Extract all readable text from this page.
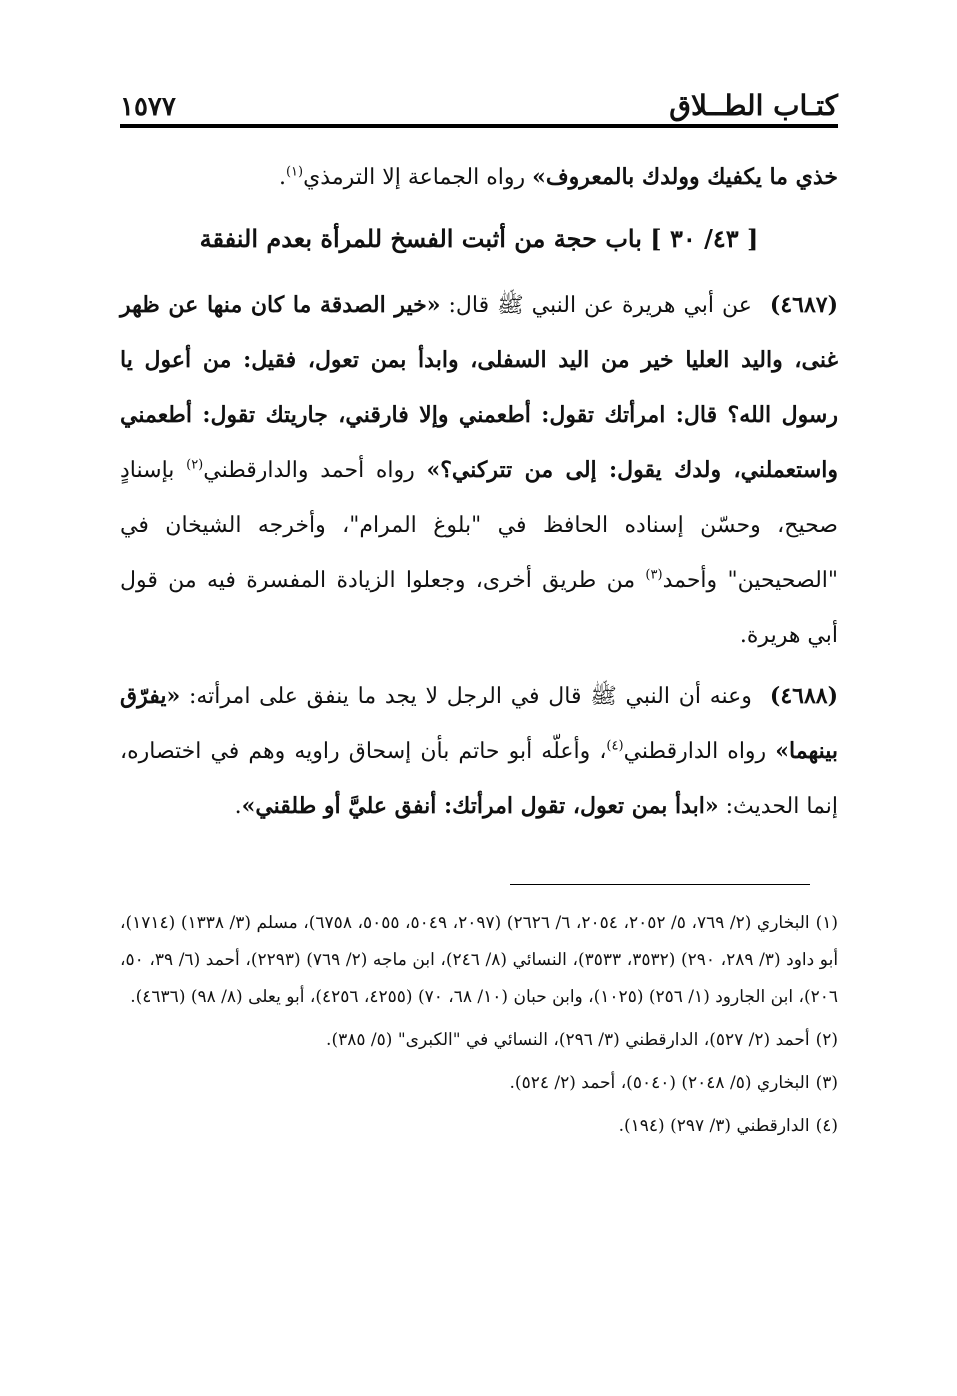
كتـاب الطــلاق
١٥٧٧

خذي ما يكفيك وولدك بالمعروف» رواه الجماعة إلا الترمذي$^{(١)}$.

[ ٤٣/ ٣٠ ] باب حجة من أثبت الفسخ للمرأة بعدم النفقة

(٤٦٨٧)عن أبي هريرة عن النبي ﷺ قال: «خير الصدقة ما كان منها عن ظهر غنى، واليد العليا خير من اليد السفلى، وابدأ بمن تعول، فقيل: من أعول يا رسول الله؟ قال: امرأتك تقول: أطعمني وإلا فارقني، جاريتك تقول: أطعمني واستعملني، ولدك يقول: إلى من تتركني؟» رواه أحمد والدارقطني$^{(٢)}$ بإسنادٍ صحيح، وحسّن إسناده الحافظ في "بلوغ المرام"، وأخرجه الشيخان في "الصحيحين" وأحمد$^{(٣)}$ من طريق أخرى، وجعلوا الزيادة المفسرة فيه من قول أبي هريرة.

(٤٦٨٨)وعنه أن النبي ﷺ قال في الرجل لا يجد ما ينفق على امرأته: «يفرّق بينهما» رواه الدارقطني$^{(٤)}$، وأعلّه أبو حاتم بأن إسحاق راويه وهم في اختصاره، إنما الحديث: «ابدأ بمن تعول، تقول امرأتك: أنفق عليَّ أو طلقني».

(١)البخاري (٢/ ٧٦٩، ٥/ ٢٠٥٢، ٢٠٥٤، ٦/ ٢٦٢٦) (٢٠٩٧، ٥٠٤٩، ٥٠٥٥، ٦٧٥٨)، مسلم (٣/ ١٣٣٨) (١٧١٤)، أبو داود (٣/ ٢٨٩، ٢٩٠) (٣٥٣٢، ٣٥٣٣)، النسائي (٨/ ٢٤٦)، ابن ماجه (٢/ ٧٦٩) (٢٢٩٣)، أحمد (٦/ ٣٩، ٥٠، ٢٠٦)، ابن الجارود (١/ ٢٥٦) (١٠٢٥)، وابن حبان (١٠/ ٦٨، ٧٠) (٤٢٥٥، ٤٢٥٦)، أبو يعلى (٨/ ٩٨) (٤٦٣٦).

(٢)أحمد (٢/ ٥٢٧)، الدارقطني (٣/ ٢٩٦)، النسائي في "الكبرى" (٥/ ٣٨٥).

(٣)البخاري (٥/ ٢٠٤٨) (٥٠٤٠)، أحمد (٢/ ٥٢٤).

(٤)الدارقطني (٣/ ٢٩٧) (١٩٤).
